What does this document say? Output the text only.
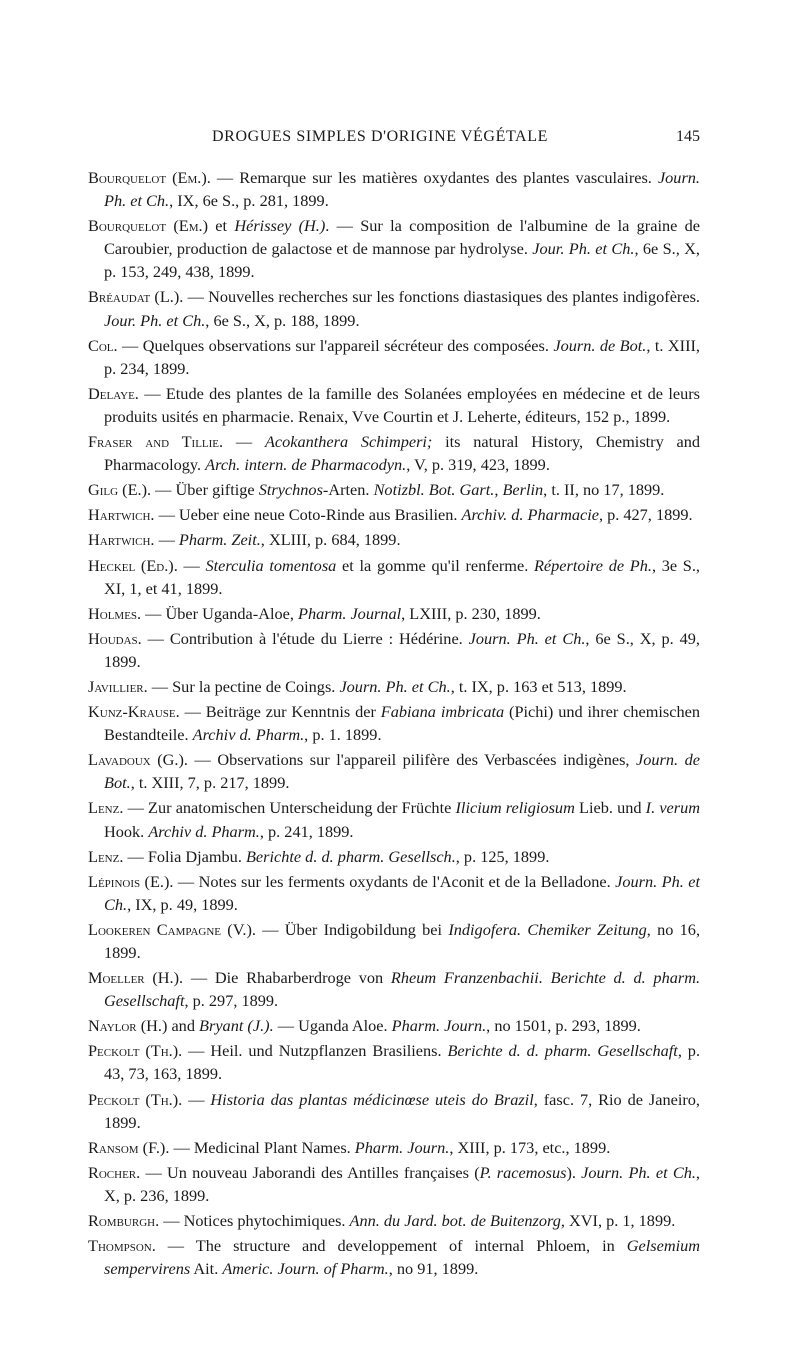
DROGUES SIMPLES D'ORIGINE VÉGÉTALE	145

Bourquelot (Em.). — Remarque sur les matières oxydantes des plantes vasculaires. Journ. Ph. et Ch., IX, 6e S., p. 281, 1899.

Bourquelot (Em.) et Hérissey (H.). — Sur la composition de l'albumine de la graine de Caroubier, production de galactose et de mannose par hydrolyse. Jour. Ph. et Ch., 6e S., X, p. 153, 249, 438, 1899.

Bréaudat (L.). — Nouvelles recherches sur les fonctions diastasiques des plantes indigofères. Jour. Ph. et Ch., 6e S., X, p. 188, 1899.

Col. — Quelques observations sur l'appareil sécréteur des composées. Journ. de Bot., t. XIII, p. 234, 1899.

Delaye. — Etude des plantes de la famille des Solanées employées en médecine et de leurs produits usités en pharmacie. Renaix, Vve Courtin et J. Leherte, éditeurs, 152 p., 1899.

Fraser and Tillie. — Acokanthera Schimperi; its natural History, Chemistry and Pharmacology. Arch. intern. de Pharmacodyn., V, p. 319, 423, 1899.

Gilg (E.). — Über giftige Strychnos-Arten. Notizbl. Bot. Gart., Berlin, t. II, no 17, 1899.

Hartwich. — Ueber eine neue Coto-Rinde aus Brasilien. Archiv. d. Pharmacie, p. 427, 1899.

Hartwich. — Pharm. Zeit., XLIII, p. 684, 1899.

Heckel (Ed.). — Sterculia tomentosa et la gomme qu'il renferme. Répertoire de Ph., 3e S., XI, 1, et 41, 1899.

Holmes. — Über Uganda-Aloe, Pharm. Journal, LXIII, p. 230, 1899.

Houdas. — Contribution à l'étude du Lierre : Hédérine. Journ. Ph. et Ch., 6e S., X, p. 49, 1899.

Javillier. — Sur la pectine de Coings. Journ. Ph. et Ch., t. IX, p. 163 et 513, 1899.

Kunz-Krause. — Beiträge zur Kenntnis der Fabiana imbricata (Pichi) und ihrer chemischen Bestandteile. Archiv d. Pharm., p. 1. 1899.

Lavadoux (G.). — Observations sur l'appareil pilifère des Verbascées indigènes, Journ. de Bot., t. XIII, 7, p. 217, 1899.

Lenz. — Zur anatomischen Unterscheidung der Früchte Ilicium religiosum Lieb. und I. verum Hook. Archiv d. Pharm., p. 241, 1899.

Lenz. — Folia Djambu. Berichte d. d. pharm. Gesellsch., p. 125, 1899.

Lépinois (E.). — Notes sur les ferments oxydants de l'Aconit et de la Belladone. Journ. Ph. et Ch., IX, p. 49, 1899.

Lookeren Campagne (V.). — Über Indigobildung bei Indigofera. Chemiker Zeitung, no 16, 1899.

Moeller (H.). — Die Rhabarberdroge von Rheum Franzenbachii. Berichte d. d. pharm. Gesellschaft, p. 297, 1899.

Naylor (H.) and Bryant (J.). — Uganda Aloe. Pharm. Journ., no 1501, p. 293, 1899.

Peckolt (Th.). — Heil. und Nutzpflanzen Brasiliens. Berichte d. d. pharm. Gesellschaft, p. 43, 73, 163, 1899.

Peckolt (Th.). — Historia das plantas médicinœse uteis do Brazil, fasc. 7, Rio de Janeiro, 1899.

Ransom (F.). — Medicinal Plant Names. Pharm. Journ., XIII, p. 173, etc., 1899.

Rocher. — Un nouveau Jaborandi des Antilles françaises (P. racemosus). Journ. Ph. et Ch., X, p. 236, 1899.

Romburgh. — Notices phytochimiques. Ann. du Jard. bot. de Buitenzorg, XVI, p. 1, 1899.

Thompson. — The structure and developpement of internal Phloem, in Gelsemium sempervirens Ait. Americ. Journ. of Pharm., no 91, 1899.
